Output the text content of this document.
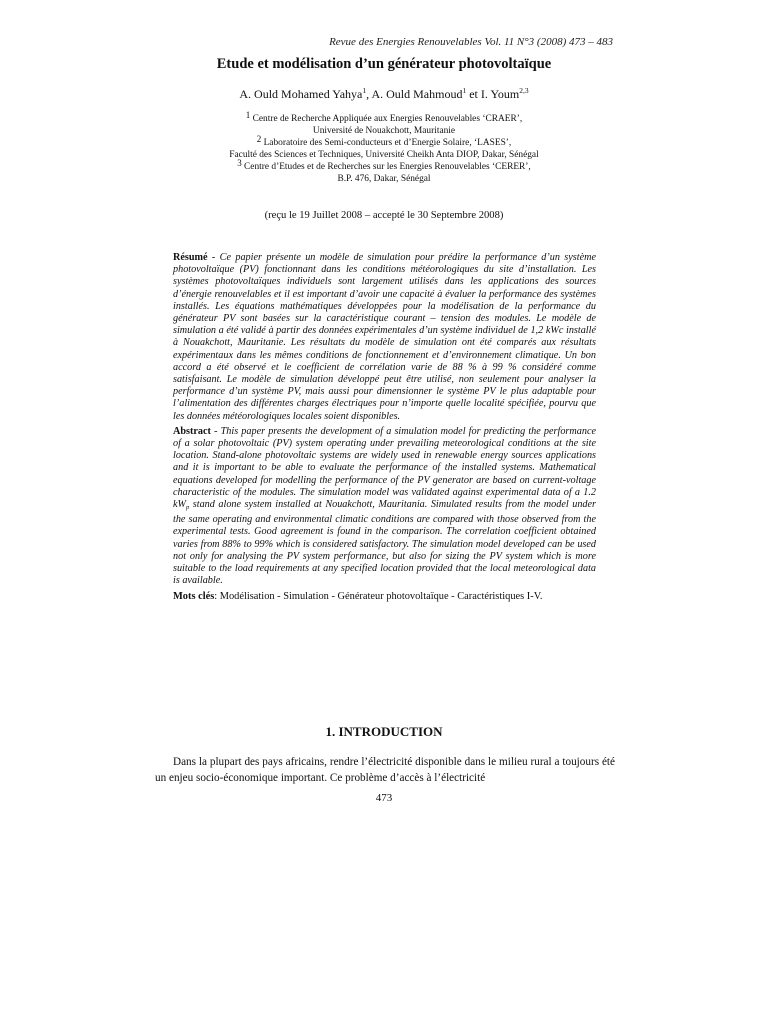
Revue des Energies Renouvelables Vol. 11 N°3 (2008) 473 – 483
Etude et modélisation d’un générateur photovoltaïque
A. Ould Mohamed Yahya$^1$, A. Ould Mahmoud$^1$ et I. Youm$^{2,3}$
$^1$ Centre de Recherche Appliquée aux Energies Renouvelables ‘CRAER’,
Université de Nouakchott, Mauritanie
$^2$ Laboratoire des Semi-conducteurs et d’Energie Solaire, ‘LASES’,
Faculté des Sciences et Techniques, Université Cheikh Anta DIOP, Dakar, Sénégal
$^3$ Centre d’Etudes et de Recherches sur les Energies Renouvelables ‘CERER’,
B.P. 476, Dakar, Sénégal
(reçu le 19 Juillet 2008 – accepté le 30 Septembre 2008)

Résumé - Ce papier présente un modèle de simulation pour prédire la performance d’un système photovoltaïque (PV) fonctionnant dans les conditions météorologiques du site d’installation. Les systèmes photovoltaïques individuels sont largement utilisés dans les applications des sources d’énergie renouvelables et il est important d’avoir une capacité à évaluer la performance des systèmes installés. Les équations mathématiques développées pour la modélisation de la performance du générateur PV sont basées sur la caractéristique courant – tension des modules. Le modèle de simulation a été validé à partir des données expérimentales d’un système individuel de 1,2 kWc installé à Nouakchott, Mauritanie. Les résultats du modèle de simulation ont été comparés aux résultats expérimentaux dans les mêmes conditions de fonctionnement et d’environnement climatique. Un bon accord a été observé et le coefficient de corrélation varie de 88 % à 99 % considéré comme satisfaisant. Le modèle de simulation développé peut être utilisé, non seulement pour analyser la performance d’un système PV, mais aussi pour dimensionner le système PV le plus adaptable pour l’alimentation des différentes charges électriques pour n’importe quelle localité spécifiée, pourvu que les données météorologiques locales soient disponibles.

Abstract - This paper presents the development of a simulation model for predicting the performance of a solar photovoltaic (PV) system operating under prevailing meteorological conditions at the site location. Stand-alone photovoltaic systems are widely used in renewable energy sources applications and it is important to be able to evaluate the performance of the installed systems. Mathematical equations developed for modelling the performance of the PV generator are based on current-voltage characteristic of the modules. The simulation model was validated against experimental data of a 1.2 $kW_p$ stand alone system installed at Nouakchott, Mauritania. Simulated results from the model under the same operating and environmental climatic conditions are compared with those observed from the experimental tests. Good agreement is found in the comparison. The correlation coefficient obtained varies from 88% to 99% which is considered satisfactory. The simulation model developed can be used not only for analysing the PV system performance, but also for sizing the PV system which is more suitable to the load requirements at any specified location provided that the local meteorological data is available.

Mots clés: Modélisation - Simulation - Générateur photovoltaïque - Caractéristiques I-V.
1. INTRODUCTION

Dans la plupart des pays africains, rendre l’électricité disponible dans le milieu rural a toujours été un enjeu socio-économique important. Ce problème d’accès à l’électricité

473
